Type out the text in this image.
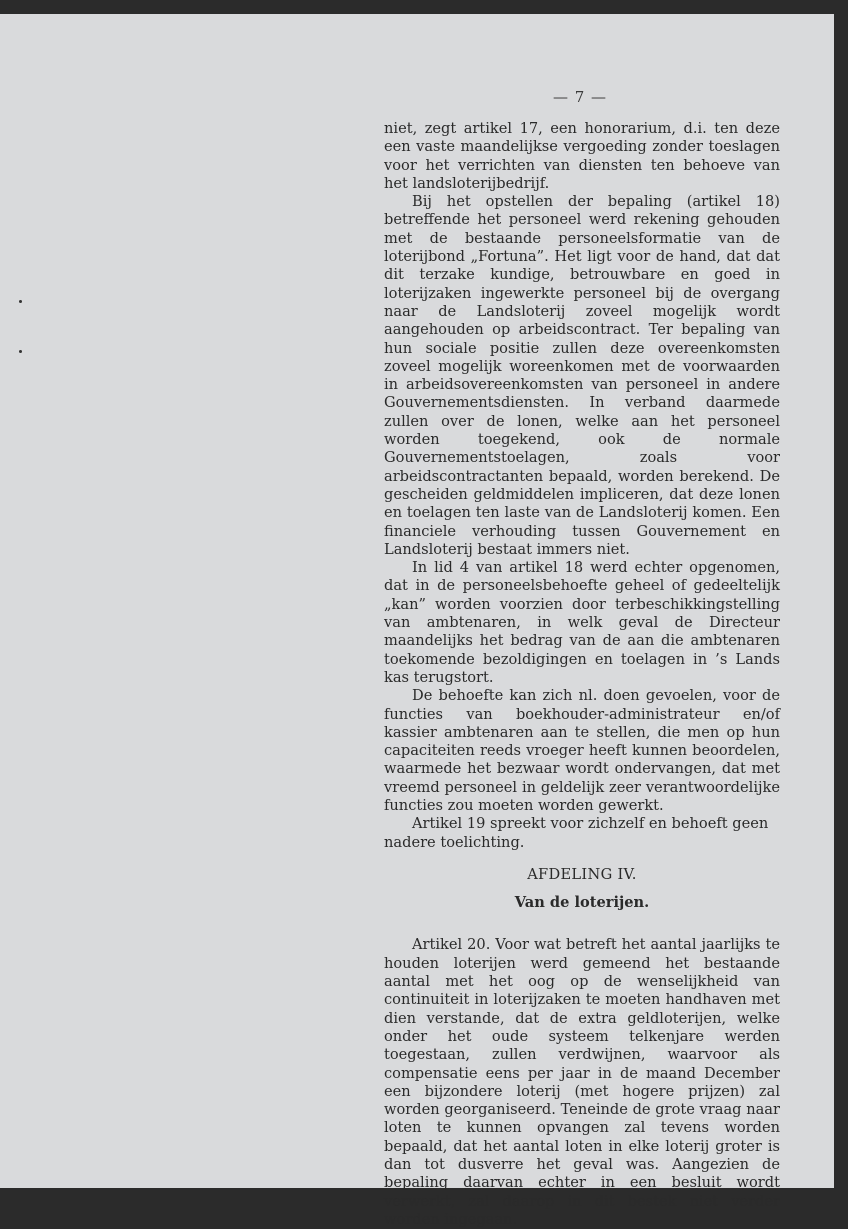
— 7 —

niet, zegt artikel 17, een honorarium, d.i. ten deze een vaste maandelijkse vergoeding zonder toeslagen voor het verrichten van diensten ten behoeve van het landsloterijbedrijf.

Bij het opstellen der bepaling (artikel 18) betreffende het personeel werd rekening gehouden met de bestaande personeelsformatie van de loterijbond „Fortuna”. Het ligt voor de hand, dat dat dit terzake kundige, betrouwbare en goed in loterijzaken ingewerkte personeel bij de overgang naar de Landsloterij zoveel mogelijk wordt aangehouden op arbeidscontract. Ter bepaling van hun sociale positie zullen deze overeenkomsten zoveel mogelijk woreenkomen met de voorwaarden in arbeidsovereenkomsten van personeel in andere Gouvernementsdiensten. In verband daarmede zullen over de lonen, welke aan het personeel worden toegekend, ook de normale Gouvernementstoelagen, zoals voor arbeidscontractanten bepaald, worden berekend. De gescheiden geldmiddelen impliceren, dat deze lonen en toelagen ten laste van de Landsloterij komen. Een financiele verhouding tussen Gouvernement en Landsloterij bestaat immers niet.

In lid 4 van artikel 18 werd echter opgenomen, dat in de personeelsbehoefte geheel of gedeeltelijk „kan” worden voorzien door terbeschikkingstelling van ambtenaren, in welk geval de Directeur maandelijks het bedrag van de aan die ambtenaren toekomende bezoldigingen en toelagen in ’s Lands kas terugstort.

De behoefte kan zich nl. doen gevoelen, voor de functies van boekhouder-administrateur en/of kassier ambtenaren aan te stellen, die men op hun capaciteiten reeds vroeger heeft kunnen beoordelen, waarmede het bezwaar wordt ondervangen, dat met vreemd personeel in geldelijk zeer verantwoordelijke functies zou moeten worden gewerkt.

Artikel 19 spreekt voor zichzelf en behoeft geen nadere toelichting.

AFDELING IV.
Van de loterijen.

Artikel 20. Voor wat betreft het aantal jaarlijks te houden loterijen werd gemeend het bestaande aantal met het oog op de wenselijkheid van continuiteit in loterijzaken te moeten handhaven met dien verstande, dat de extra geldloterijen, welke onder het oude systeem telkenjare werden toegestaan, zullen verdwijnen, waarvoor als compensatie eens per jaar in de maand December een bijzondere loterij (met hogere prijzen) zal worden georganiseerd. Teneinde de grote vraag naar loten te kunnen opvangen zal tevens worden bepaald, dat het aantal loten in elke loterij groter is dan tot dusverre het geval was. Aangezien de bepaling daarvan echter in een besluit wordt verwerkt, zal daarop in dit bestek niet verder worden ingegaan.
